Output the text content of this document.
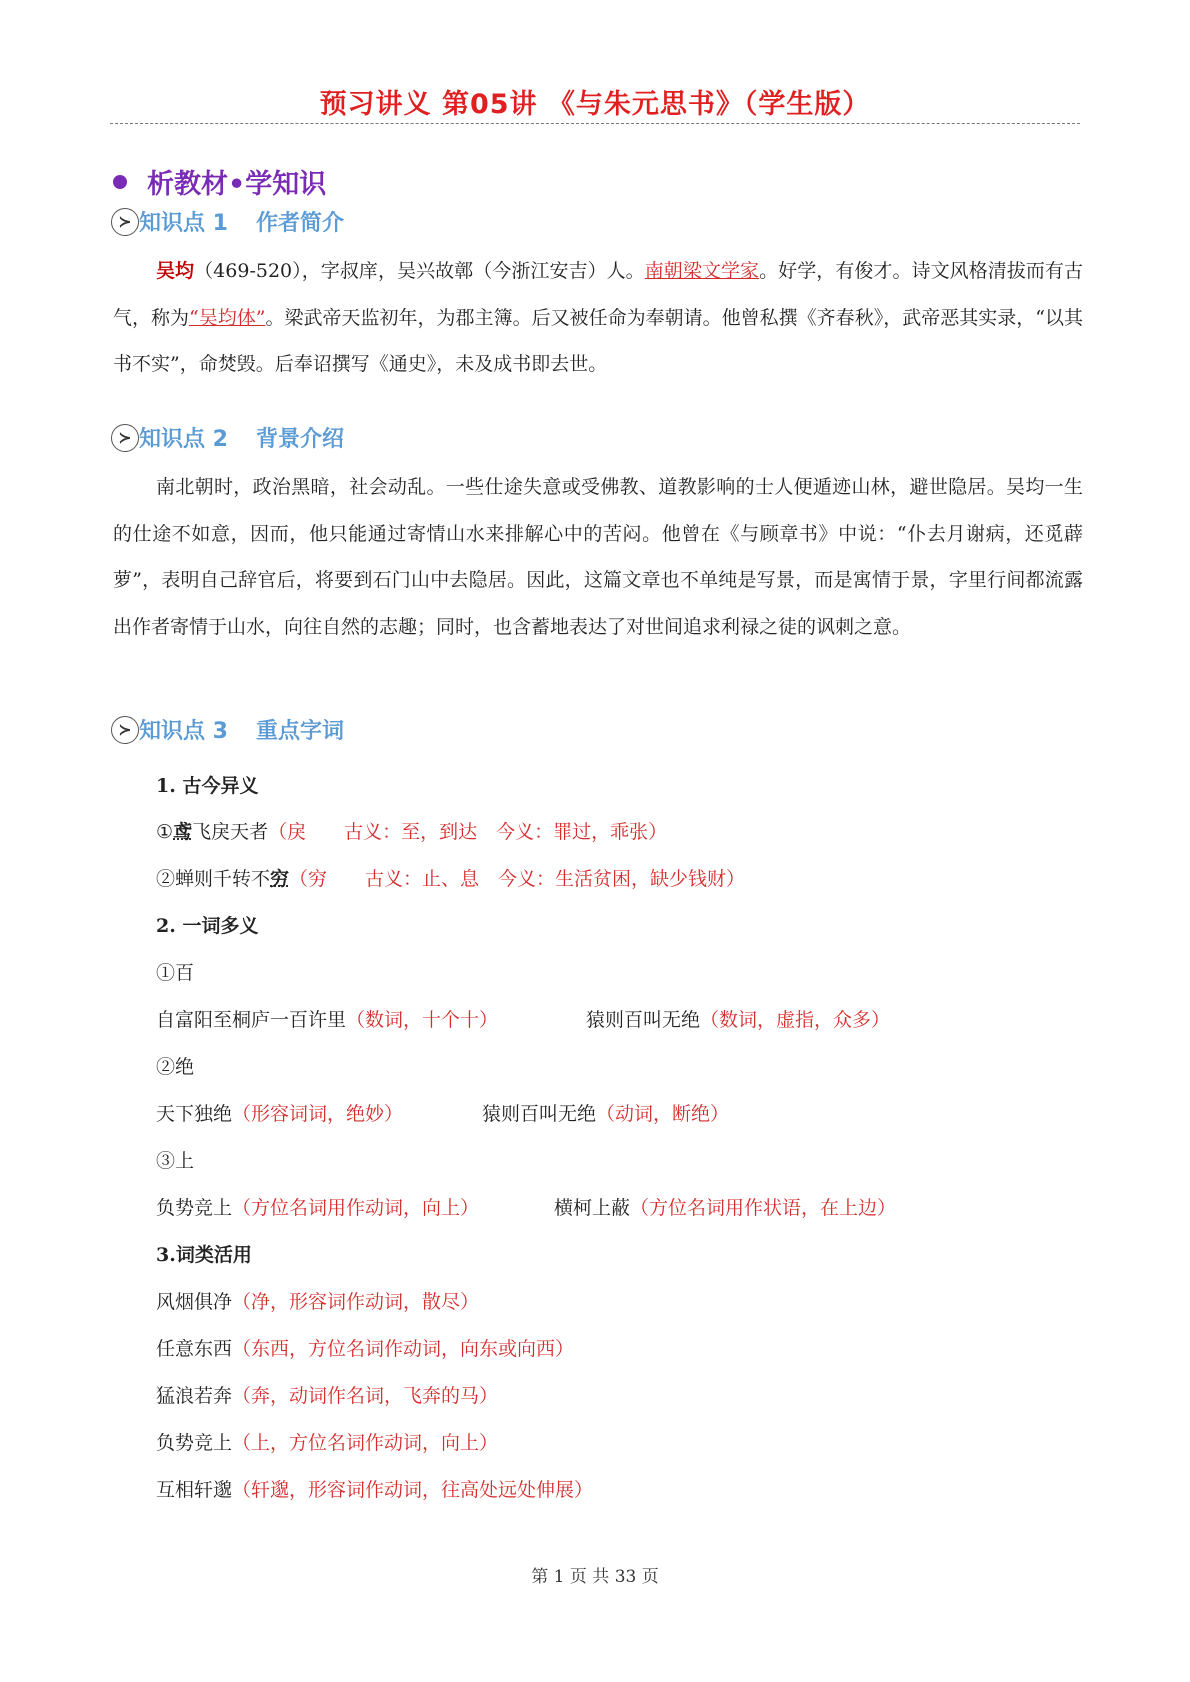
预习讲义 第05讲 《与朱元思书》（学生版）
析教材•学知识
≻ 知识点 1 作者简介
吴均（469-520），字叔庠，吴兴故鄣（今浙江安吉）人。南朝梁文学家。好学，有俊才。诗文风格清拔而有古气，称为“吴均体”。梁武帝天监初年，为郡主簿。后又被任命为奉朝请。他曾私撰《齐春秋》，武帝恶其实录，“以其书不实”，命焚毁。后奉诏撰写《通史》，未及成书即去世。
≻ 知识点 2 背景介绍
南北朝时，政治黑暗，社会动乱。一些仕途失意或受佛教、道教影响的士人便遁迹山林，避世隐居。吴均一生的仕途不如意，因而，他只能通过寄情山水来排解心中的苦闷。他曾在《与顾章书》中说：“仆去月谢病，还觅薜萝”，表明自己辞官后，将要到石门山中去隐居。因此，这篇文章也不单纯是写景，而是寓情于景，字里行间都流露出作者寄情于山水，向往自然的志趣；同时，也含蓄地表达了对世间追求利禄之徒的讽刺之意。
≻ 知识点 3 重点字词
1. 古今异义
①鸢飞戾天者（戾　　古义：至，到达　今义：罪过，乖张）
②蝉则千转不穷（穷　　古义：止、息　今义：生活贫困，缺少钱财）
2. 一词多义
①百
自富阳至桐庐一百许里（数词，十个十）	猿则百叫无绝（数词，虚指，众多）
②绝
天下独绝（形容词词，绝妙）	猿则百叫无绝（动词，断绝）
③上
负势竞上（方位名词用作动词，向上）	横柯上蔽（方位名词用作状语，在上边）
3.词类活用
风烟俱净（净，形容词作动词，散尽）
任意东西（东西，方位名词作动词，向东或向西）
猛浪若奔（奔，动词作名词，飞奔的马）
负势竞上（上，方位名词作动词，向上）
互相轩邈（轩邈，形容词作动词，往高处远处伸展）
第 1 页 共 33 页
